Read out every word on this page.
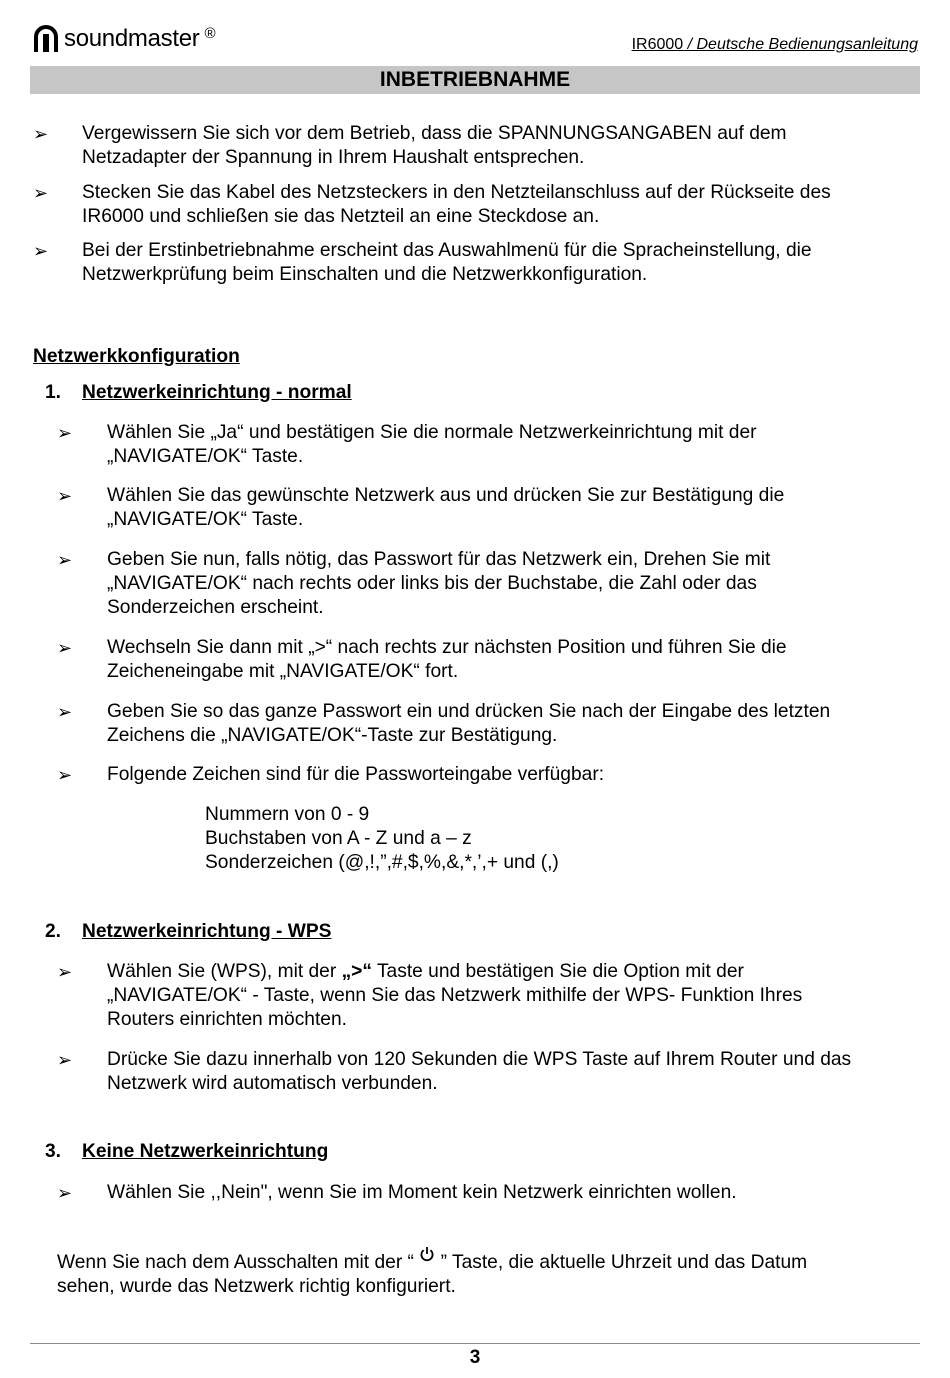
soundmaster ®
IR6000 / Deutsche Bedienungsanleitung
INBETRIEBNAHME
➢ Vergewissern Sie sich vor dem Betrieb, dass die SPANNUNGSANGABEN auf dem
Netzadapter der Spannung in Ihrem Haushalt entsprechen.
➢ Stecken Sie das Kabel des Netzsteckers in den Netzteilanschluss auf der Rückseite des
IR6000 und schließen sie das Netzteil an eine Steckdose an.
➢ Bei der Erstinbetriebnahme erscheint das Auswahlmenü für die Spracheinstellung, die
Netzwerkprüfung beim Einschalten und die Netzwerkkonfiguration.
Netzwerkkonfiguration
1. Netzwerkeinrichtung - normal
➢ Wählen Sie „Ja“ und bestätigen Sie die normale Netzwerkeinrichtung mit der
„NAVIGATE/OK“ Taste.
➢ Wählen Sie das gewünschte Netzwerk aus und drücken Sie zur Bestätigung die
„NAVIGATE/OK“ Taste.
➢ Geben Sie nun, falls nötig, das Passwort für das Netzwerk ein, Drehen Sie mit
„NAVIGATE/OK“ nach rechts oder links bis der Buchstabe, die Zahl oder das
Sonderzeichen erscheint.
➢ Wechseln Sie dann mit „>“ nach rechts zur nächsten Position und führen Sie die
Zeicheneingabe mit „NAVIGATE/OK“ fort.
➢ Geben Sie so das ganze Passwort ein und drücken Sie nach der Eingabe des letzten
Zeichens die „NAVIGATE/OK“-Taste zur Bestätigung.
➢ Folgende Zeichen sind für die Passworteingabe verfügbar:
Nummern von 0 - 9
Buchstaben von A - Z und a – z
Sonderzeichen (@,!,”,#,$,%,&,*,’,+ und (,)
2. Netzwerkeinrichtung - WPS
➢ Wählen Sie (WPS), mit der „>“ Taste und bestätigen Sie die Option mit der
„NAVIGATE/OK“ - Taste, wenn Sie das Netzwerk mithilfe der WPS- Funktion Ihres
Routers einrichten möchten.
➢ Drücke Sie dazu innerhalb von 120 Sekunden die WPS Taste auf Ihrem Router und das
Netzwerk wird automatisch verbunden.
3. Keine Netzwerkeinrichtung
➢ Wählen Sie ,,Nein", wenn Sie im Moment kein Netzwerk einrichten wollen.
Wenn Sie nach dem Ausschalten mit der “  ” Taste, die aktuelle Uhrzeit und das Datum
sehen, wurde das Netzwerk richtig konfiguriert.
3
